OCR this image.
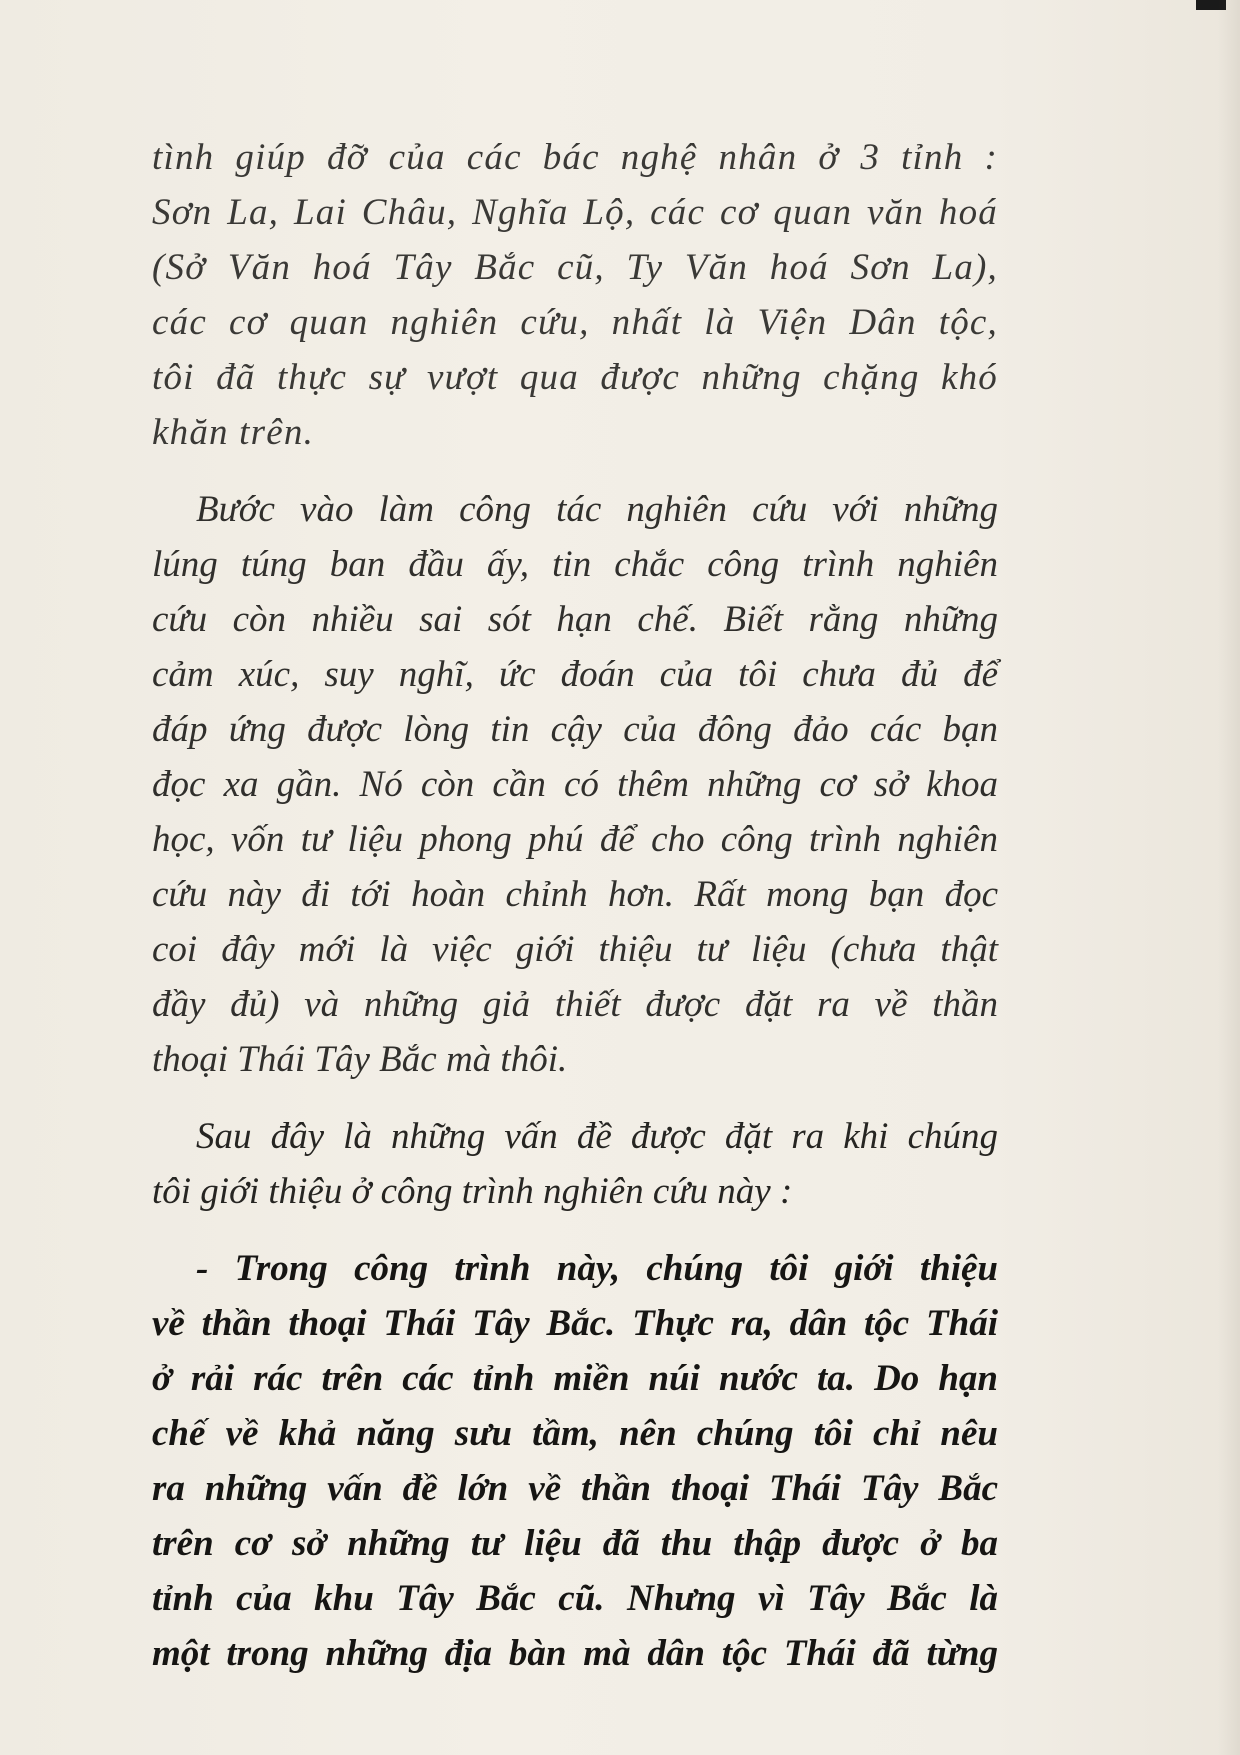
tình giúp đỡ của các bác nghệ nhân ở 3 tỉnh :
Sơn La, Lai Châu, Nghĩa Lộ, các cơ quan văn hoá
(Sở Văn hoá Tây Bắc cũ, Ty Văn hoá Sơn La),
các cơ quan nghiên cứu, nhất là Viện Dân tộc,
tôi đã thực sự vượt qua được những chặng khó
khăn trên.
Bước vào làm công tác nghiên cứu với những
lúng túng ban đầu ấy, tin chắc công trình nghiên
cứu còn nhiều sai sót hạn chế. Biết rằng những
cảm xúc, suy nghĩ, ức đoán của tôi chưa đủ để
đáp ứng được lòng tin cậy của đông đảo các bạn
đọc xa gần. Nó còn cần có thêm những cơ sở khoa
học, vốn tư liệu phong phú để cho công trình nghiên
cứu này đi tới hoàn chỉnh hơn. Rất mong bạn đọc
coi đây mới là việc giới thiệu tư liệu (chưa thật
đầy đủ) và những giả thiết được đặt ra về thần
thoại Thái Tây Bắc mà thôi.
Sau đây là những vấn đề được đặt ra khi chúng
tôi giới thiệu ở công trình nghiên cứu này :
- Trong công trình này, chúng tôi giới thiệu
về thần thoại Thái Tây Bắc. Thực ra, dân tộc Thái
ở rải rác trên các tỉnh miền núi nước ta. Do hạn
chế về khả năng sưu tầm, nên chúng tôi chỉ nêu
ra những vấn đề lớn về thần thoại Thái Tây Bắc
trên cơ sở những tư liệu đã thu thập được ở ba
tỉnh của khu Tây Bắc cũ. Nhưng vì Tây Bắc là
một trong những địa bàn mà dân tộc Thái đã từng
